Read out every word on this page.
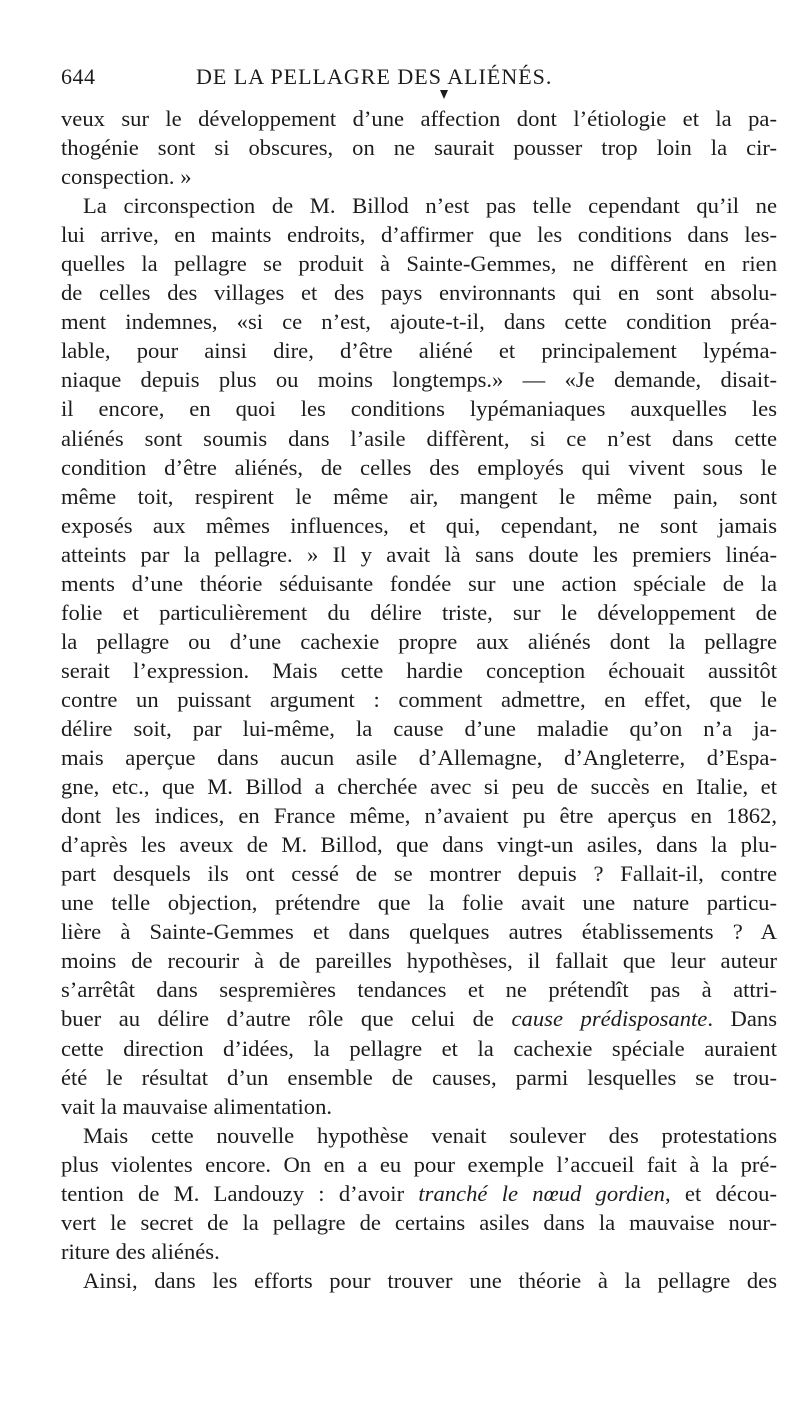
644	DE LA PELLAGRE DES ALIÉNÉS.
veux sur le développement d’une affection dont l’étiologie et la pa-
thogénie sont si obscures, on ne saurait pousser trop loin la cir-
conspection. »
La circonspection de M. Billod n’est pas telle cependant qu’il ne
lui arrive, en maints endroits, d’affirmer que les conditions dans les-
quelles la pellagre se produit à Sainte-Gemmes, ne diffèrent en rien
de celles des villages et des pays environnants qui en sont absolu-
ment indemnes, «si ce n’est, ajoute-t-il, dans cette condition préa-
lable, pour ainsi dire, d’être aliéné et principalement lypéma-
niaque depuis plus ou moins longtemps.» — «Je demande, disait-
il encore, en quoi les conditions lypémaniaques auxquelles les
aliénés sont soumis dans l’asile diffèrent, si ce n’est dans cette
condition d’être aliénés, de celles des employés qui vivent sous le
même toit, respirent le même air, mangent le même pain, sont
exposés aux mêmes influences, et qui, cependant, ne sont jamais
atteints par la pellagre. » Il y avait là sans doute les premiers linéa-
ments d’une théorie séduisante fondée sur une action spéciale de la
folie et particulièrement du délire triste, sur le développement de
la pellagre ou d’une cachexie propre aux aliénés dont la pellagre
serait l’expression. Mais cette hardie conception échouait aussitôt
contre un puissant argument : comment admettre, en effet, que le
délire soit, par lui-même, la cause d’une maladie qu’on n’a ja-
mais aperçue dans aucun asile d’Allemagne, d’Angleterre, d’Espa-
gne, etc., que M. Billod a cherchée avec si peu de succès en Italie, et
dont les indices, en France même, n’avaient pu être aperçus en 1862,
d’après les aveux de M. Billod, que dans vingt-un asiles, dans la plu-
part desquels ils ont cessé de se montrer depuis ? Fallait-il, contre
une telle objection, prétendre que la folie avait une nature particu-
lière à Sainte-Gemmes et dans quelques autres établissements ? A
moins de recourir à de pareilles hypothèses, il fallait que leur auteur
s’arrêtât dans sespremières tendances et ne prétendît pas à attri-
buer au délire d’autre rôle que celui de cause prédisposante. Dans
cette direction d’idées, la pellagre et la cachexie spéciale auraient
été le résultat d’un ensemble de causes, parmi lesquelles se trou-
vait la mauvaise alimentation.
Mais cette nouvelle hypothèse venait soulever des protestations
plus violentes encore. On en a eu pour exemple l’accueil fait à la pré-
tention de M. Landouzy : d’avoir tranché le nœud gordien, et décou-
vert le secret de la pellagre de certains asiles dans la mauvaise nour-
riture des aliénés.
Ainsi, dans les efforts pour trouver une théorie à la pellagre des
